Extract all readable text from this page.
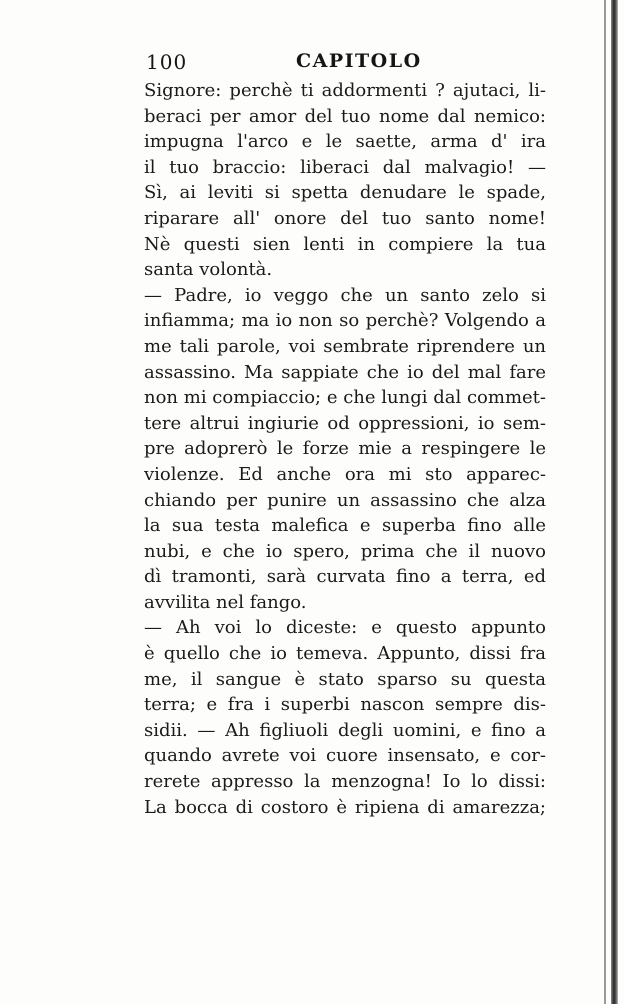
100	CAPITOLO
Signore: perchè ti addormenti ? ajutaci, li-
beraci per amor del tuo nome dal nemico:
impugna l'arco e le saette, arma d' ira
il tuo braccio: liberaci dal malvagio! —
Sì, ai leviti si spetta denudare le spade,
riparare all' onore del tuo santo nome!
Nè questi sien lenti in compiere la tua
santa volontà.
— Padre, io veggo che un santo zelo si
infiamma; ma io non so perchè? Volgendo a
me tali parole, voi sembrate riprendere un
assassino. Ma sappiate che io del mal fare
non mi compiaccio; e che lungi dal commet-
tere altrui ingiurie od oppressioni, io sem-
pre adoprerò le forze mie a respingere le
violenze. Ed anche ora mi sto apparec-
chiando per punire un assassino che alza
la sua testa malefica e superba fino alle
nubi, e che io spero, prima che il nuovo
dì tramonti, sarà curvata fino a terra, ed
avvilita nel fango.
— Ah voi lo diceste: e questo appunto
è quello che io temeva. Appunto, dissi fra
me, il sangue è stato sparso su questa
terra; e fra i superbi nascon sempre dis-
sidii. — Ah figliuoli degli uomini, e fino a
quando avrete voi cuore insensato, e cor-
rerete appresso la menzogna! Io lo dissi:
La bocca di costoro è ripiena di amarezza;
